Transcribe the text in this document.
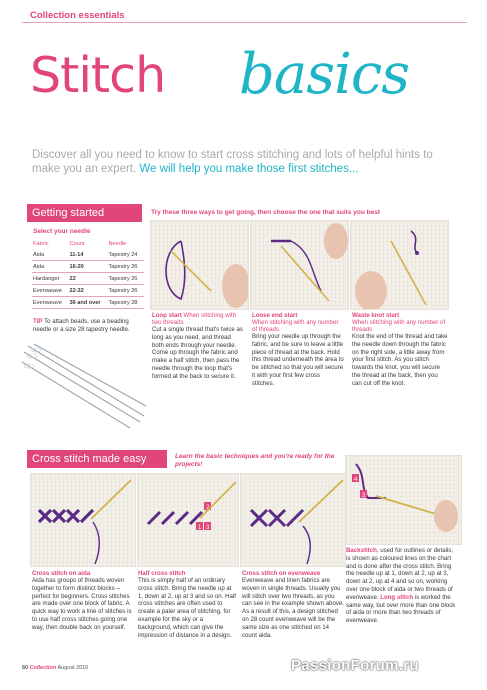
Collection essentials
Stitch basics
Discover all you need to know to start cross stitching and lots of helpful hints to make you an expert. We will help you make those first stitches...
Getting started	Try these three ways to get going, then choose the one that suits you best
Select your needle
Fabric	Count	Needle
Aida	11-14	Tapestry 24
Aida	16-20	Tapestry 26
Hardanger	22	Tapestry 26
Evenweave	22-32	Tapestry 26
Evenweave	36 and over	Tapestry 28
TIP To attach beads, use a beading needle or a size 28 tapestry needle.
Loop start When stitching with two threads
Cut a single thread that's twice as long as you need, and thread both ends through your needle. Come up through the fabric and make a half stitch, then pass the needle through the loop that's formed at the back to secure it.
Loose end start
When stitching with any number of threads
Bring your needle up through the fabric, and be sure to leave a little piece of thread at the back. Hold this thread underneath the area to be stitched so that you will secure it with your first few cross stitches.
Waste knot start
When stitching with any number of threads
Knot the end of the thread and take the needle down through the fabric on the right side, a little away from your first stitch. As you stitch towards the knot, you will secure the thread at the back, then you can cut off the knot.
Cross stitch made easy	Learn the basic techniques and you're ready for the projects!
1 3
2
4
3
Cross stitch on aida
Aida has groups of threads woven together to form distinct blocks – perfect for beginners. Cross stitches are made over one block of fabric. A quick way to work a line of stitches is to use half cross stitches going one way, then double back on yourself.
Half cross stitch
This is simply half of an ordinary cross stitch. Bring the needle up at 1, down at 2, up at 3 and so on. Half cross stitches are often used to create a paler area of stitching, for example for the sky or a background, which can give the impression of distance in a design.
Cross stitch on evenweave
Evenweave and linen fabrics are woven in single threads. Usually you will stitch over two threads, as you can see in the example shown above. As a result of this, a design stitched on 28 count evenweave will be the same size as one stitched on 14 count aida.
Backstitch, used for outlines or details, is shown as coloured lines on the chart and is done after the cross stitch. Bring the needle up at 1, down at 2, up at 3, down at 2, up at 4 and so on, working over one block of aida or two threads of evenweave. Long stitch is worked the same way, but over more than one block of aida or more than two threads of evenweave.
60 Collection August 2016	PassionForum.ru
